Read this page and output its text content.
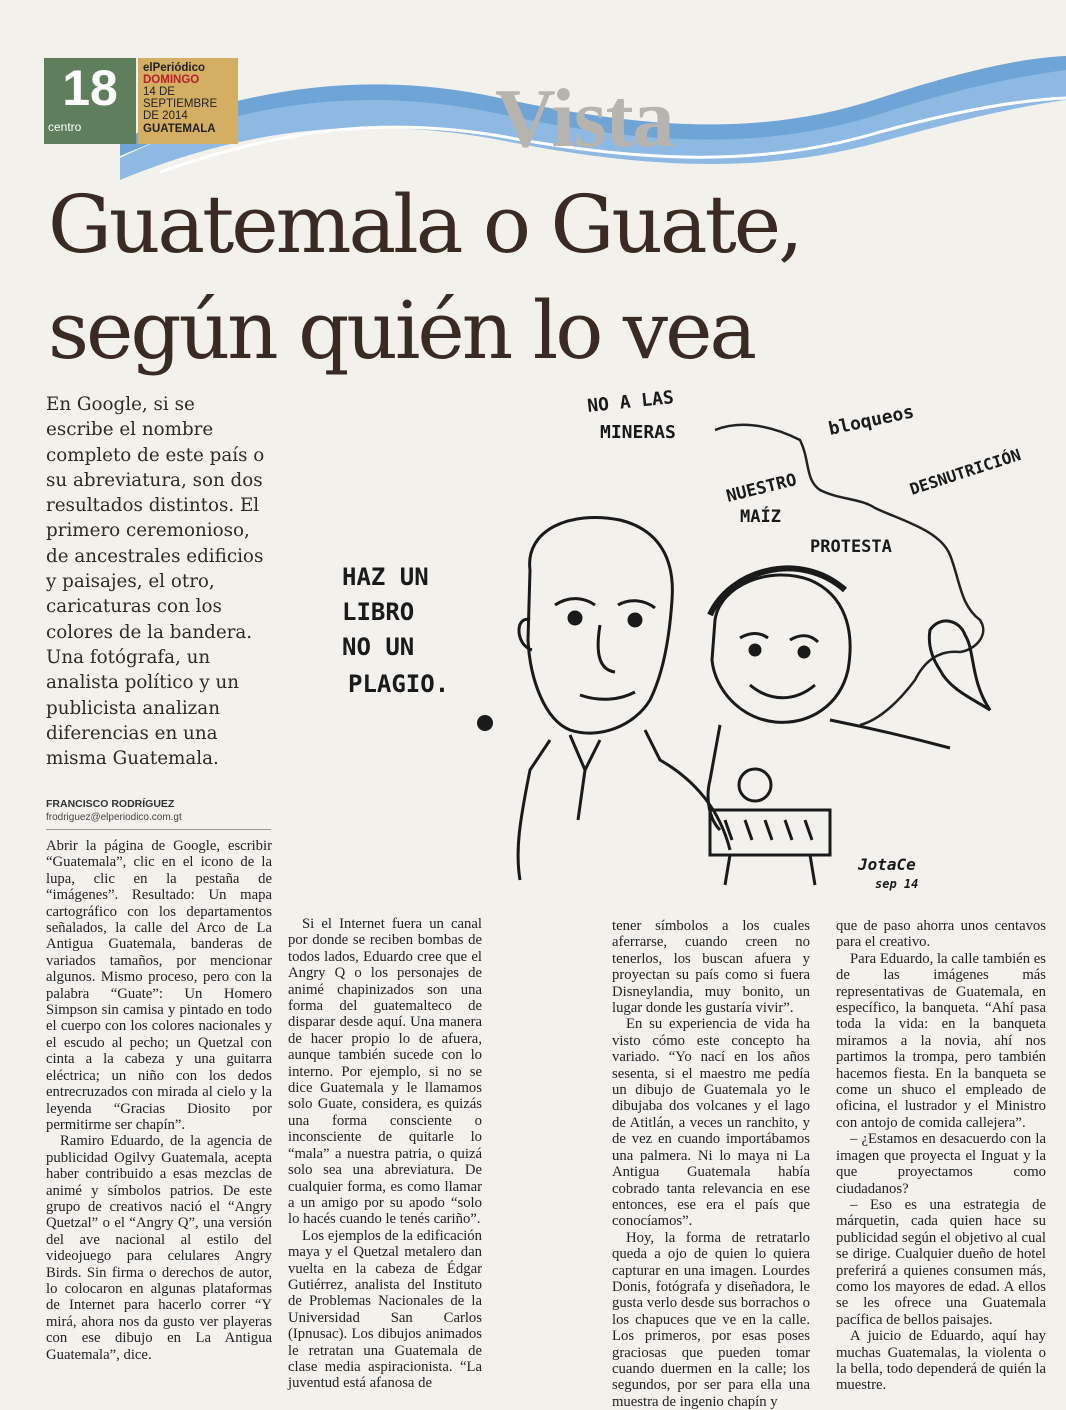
Vista
18
centro
elPeriódico
DOMINGO
14 DE SEPTIEMBRE DE 2014
GUATEMALA
Guatemala o Guate,
según quién lo vea

En Google, si se escribe el nombre completo de este país o su abreviatura, son dos resultados distintos. El primero ceremonioso, de ancestrales edificios y paisajes, el otro, caricaturas con los colores de la bandera. Una fotógrafa, un analista político y un publicista analizan diferencias en una misma Guatemala.

FRANCISCO RODRÍGUEZ
frodriguez@elperiodico.com.gt

Abrir la página de Google, escribir “Guatemala”, clic en el icono de la lupa, clic en la pestaña de “imágenes”. Resultado: Un mapa cartográfico con los departamentos señalados, la calle del Arco de La Antigua Guatemala, banderas de variados tamaños, por mencionar algunos. Mismo proceso, pero con la palabra “Guate”: Un Homero Simpson sin camisa y pintado en todo el cuerpo con los colores nacionales y el escudo al pecho; un Quetzal con cinta a la cabeza y una guitarra eléctrica; un niño con los dedos entrecruzados con mirada al cielo y la leyenda “Gracias Diosito por permitirme ser chapín”.

Ramiro Eduardo, de la agencia de publicidad Ogilvy Guatemala, acepta haber contribuido a esas mezclas de animé y símbolos patrios. De este grupo de creativos nació el “Angry Quetzal” o el “Angry Q”, una versión del ave nacional al estilo del videojuego para celulares Angry Birds. Sin firma o derechos de autor, lo colocaron en algunas plataformas de Internet para hacerlo correr “Y mirá, ahora nos da gusto ver playeras con ese dibujo en La Antigua Guatemala”, dice.

Si el Internet fuera un canal por donde se reciben bombas de todos lados, Eduardo cree que el Angry Q o los personajes de animé chapinizados son una forma del guatemalteco de disparar desde aquí. Una manera de hacer propio lo de afuera, aunque también sucede con lo interno. Por ejemplo, si no se dice Guatemala y le llamamos solo Guate, considera, es quizás una forma consciente o inconsciente de quitarle lo “mala” a nuestra patria, o quizá solo sea una abreviatura. De cualquier forma, es como llamar a un amigo por su apodo “solo lo hacés cuando le tenés cariño”.

Los ejemplos de la edificación maya y el Quetzal metalero dan vuelta en la cabeza de Édgar Gutiérrez, analista del Instituto de Problemas Nacionales de la Universidad San Carlos (Ipnusac). Los dibujos animados le retratan una Guatemala de clase media aspiracionista. “La juventud está afanosa de

tener símbolos a los cuales aferrarse, cuando creen no tenerlos, los buscan afuera y proyectan su país como si fuera Disneylandia, muy bonito, un lugar donde les gustaría vivir”.

En su experiencia de vida ha visto cómo este concepto ha variado. “Yo nací en los años sesenta, si el maestro me pedía un dibujo de Guatemala yo le dibujaba dos volcanes y el lago de Atitlán, a veces un ranchito, y de vez en cuando importábamos una palmera. Ni lo maya ni La Antigua Guatemala había cobrado tanta relevancia en ese entonces, ese era el país que conocíamos”.

Hoy, la forma de retratarlo queda a ojo de quien lo quiera capturar en una imagen. Lourdes Donis, fotógrafa y diseñadora, le gusta verlo desde sus borrachos o los chapuces que ve en la calle. Los primeros, por esas poses graciosas que pueden tomar cuando duermen en la calle; los segundos, por ser para ella una muestra de ingenio chapín y

que de paso ahorra unos centavos para el creativo.

Para Eduardo, la calle también es de las imágenes más representativas de Guatemala, en específico, la banqueta. “Ahí pasa toda la vida: en la banqueta miramos a la novia, ahí nos partimos la trompa, pero también hacemos fiesta. En la banqueta se come un shuco el empleado de oficina, el lustrador y el Ministro con antojo de comida callejera”.

– ¿Estamos en desacuerdo con la imagen que proyecta el Inguat y la que proyectamos como ciudadanos?

– Eso es una estrategia de márquetin, cada quien hace su publicidad según el objetivo al cual se dirige. Cualquier dueño de hotel preferirá a quienes consumen más, como los mayores de edad. A ellos se les ofrece una Guatemala pacífica de bellos paisajes.

A juicio de Eduardo, aquí hay muchas Guatemalas, la violenta o la bella, todo dependerá de quién la muestre.

HAZ UN
LIBRO
NO UN
PLAGIO.
NO A LAS
MINERAS	bloqueos
DESNUTRICIÓN
NUESTRO
MAÍZ
PROTESTA
JotaCe
sep 14
